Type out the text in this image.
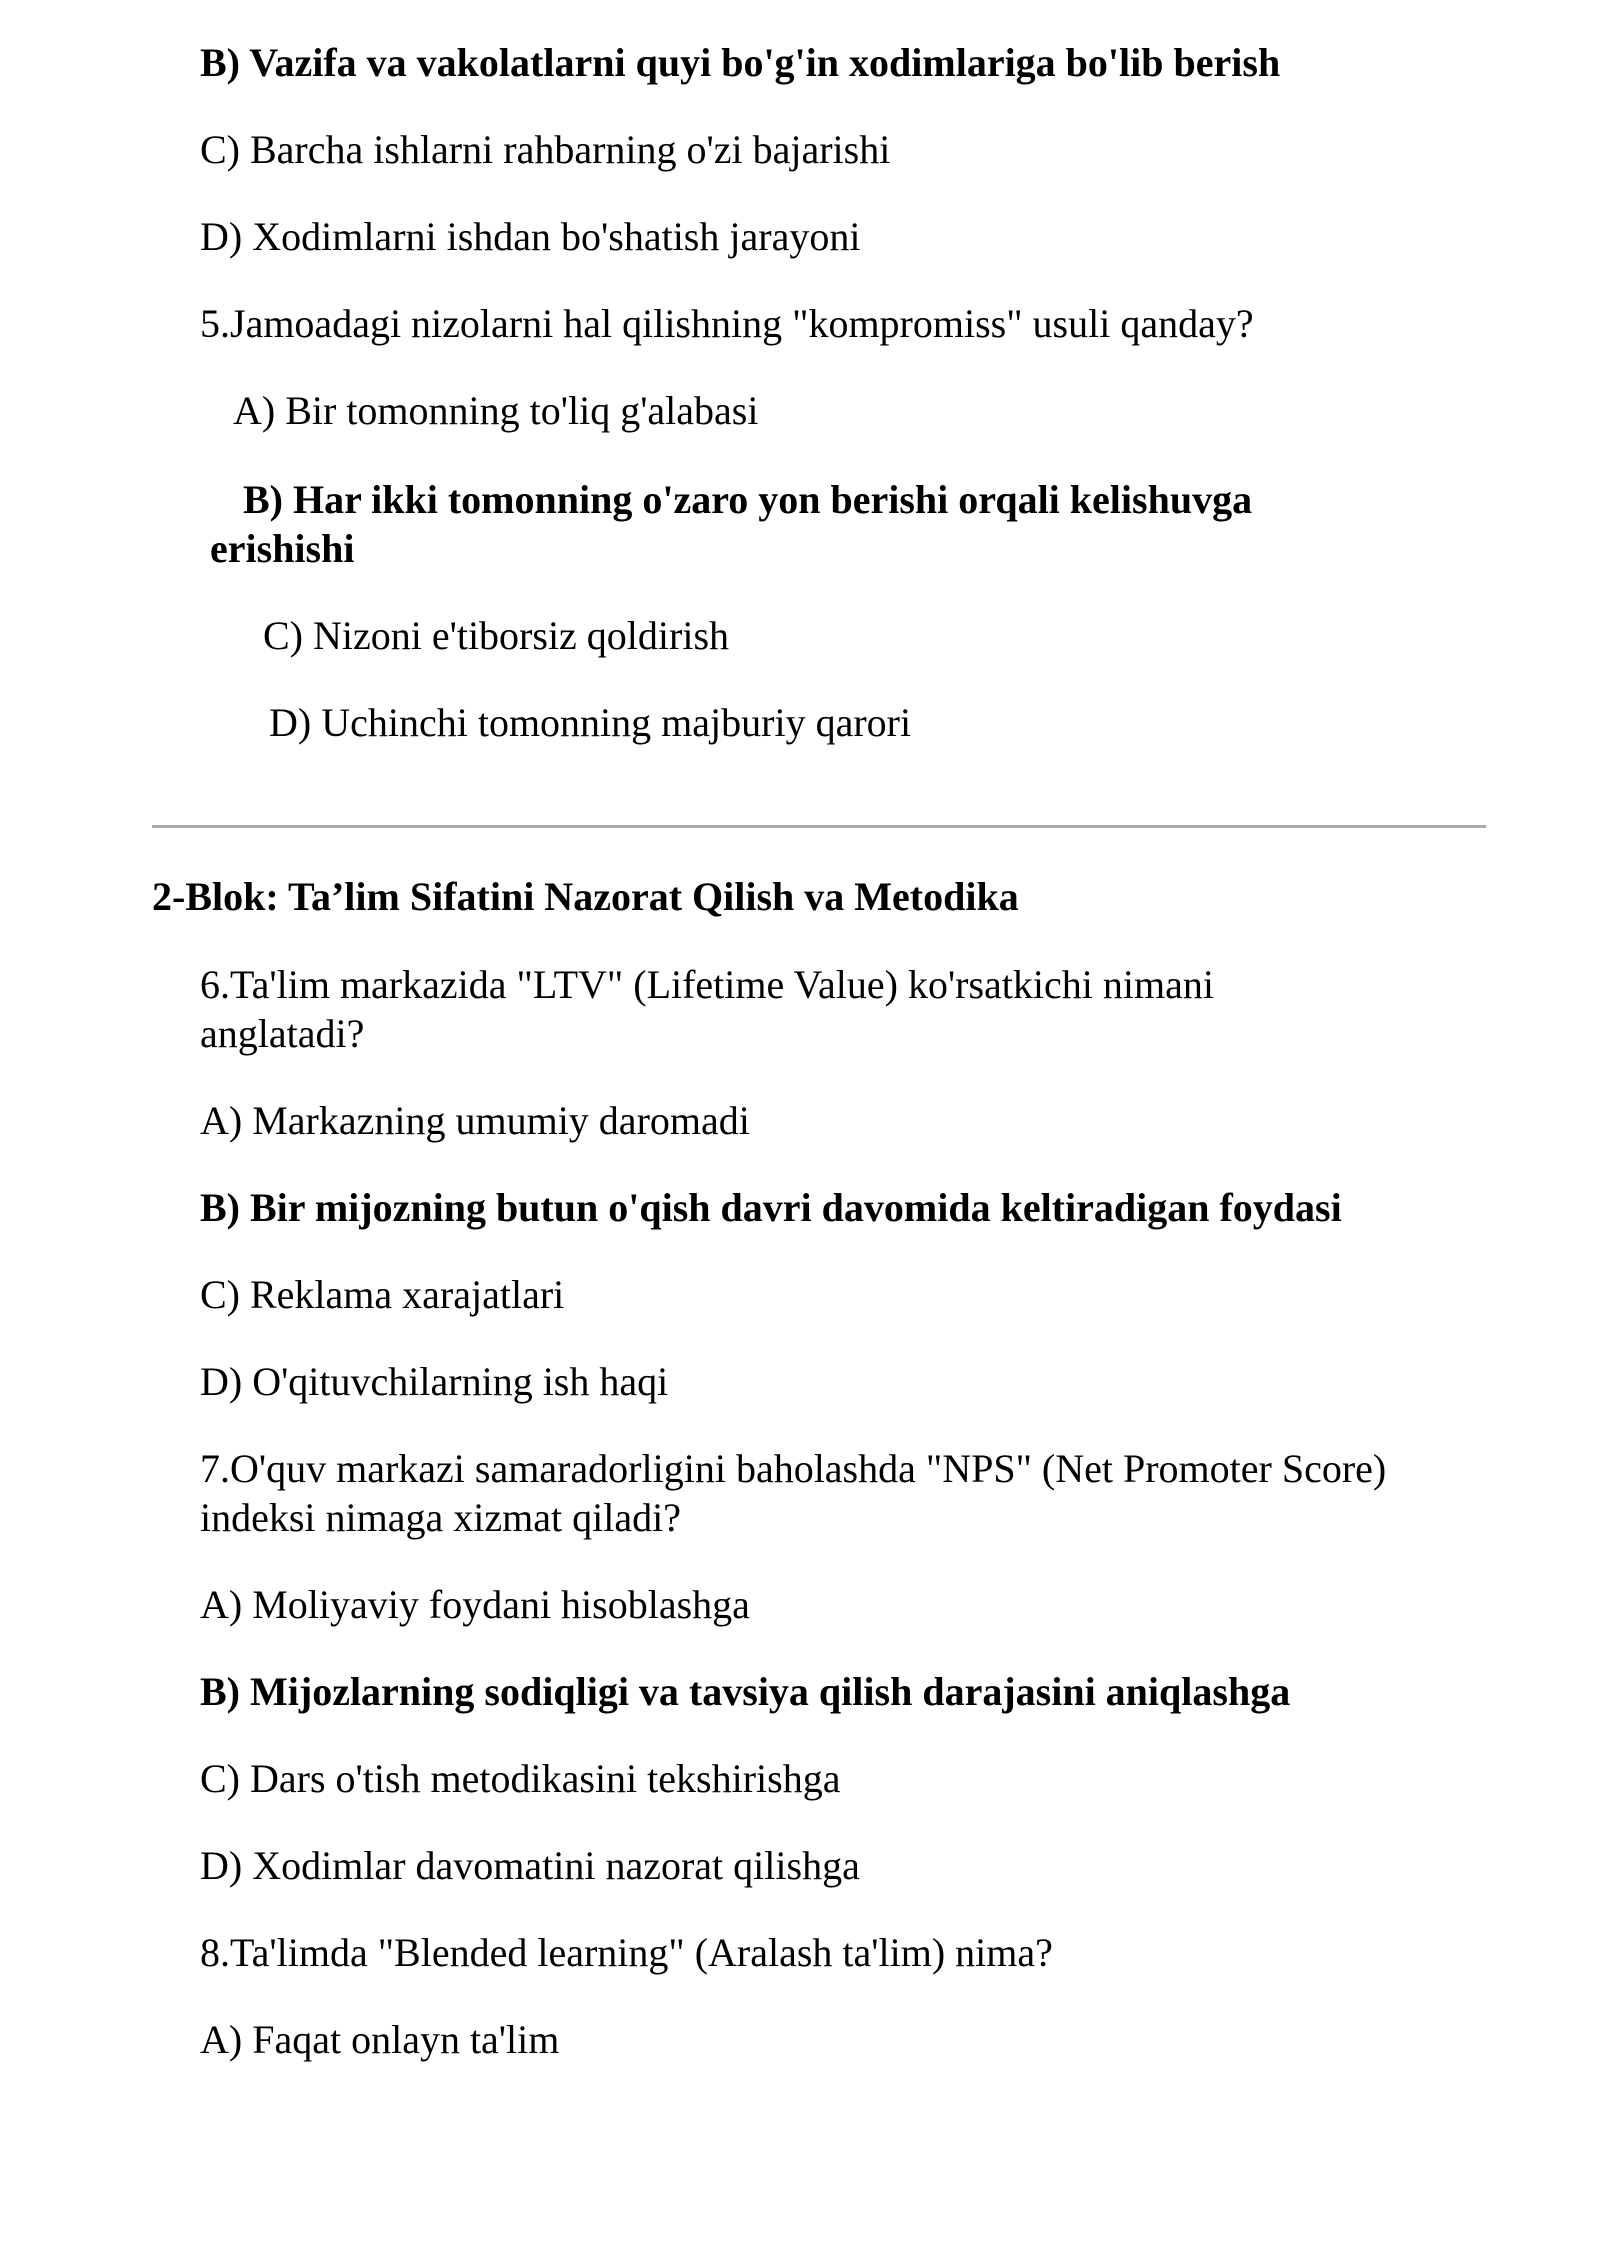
B) Vazifa va vakolatlarni quyi bo'g'in xodimlariga bo'lib berish
C) Barcha ishlarni rahbarning o'zi bajarishi
D) Xodimlarni ishdan bo'shatish jarayoni
5.Jamoadagi nizolarni hal qilishning "kompromiss" usuli qanday?
A) Bir tomonning to'liq g'alabasi
B) Har ikki tomonning o'zaro yon berishi orqali kelishuvga
erishishi
C) Nizoni e'tiborsiz qoldirish
D) Uchinchi tomonning majburiy qarori
2-Blok: Ta’lim Sifatini Nazorat Qilish va Metodika
6.Ta'lim markazida "LTV" (Lifetime Value) ko'rsatkichi nimani
anglatadi?
A) Markazning umumiy daromadi
B) Bir mijozning butun o'qish davri davomida keltiradigan foydasi
C) Reklama xarajatlari
D) O'qituvchilarning ish haqi
7.O'quv markazi samaradorligini baholashda "NPS" (Net Promoter Score)
indeksi nimaga xizmat qiladi?
A) Moliyaviy foydani hisoblashga
B) Mijozlarning sodiqligi va tavsiya qilish darajasini aniqlashga
C) Dars o'tish metodikasini tekshirishga
D) Xodimlar davomatini nazorat qilishga
8.Ta'limda "Blended learning" (Aralash ta'lim) nima?
A) Faqat onlayn ta'lim
